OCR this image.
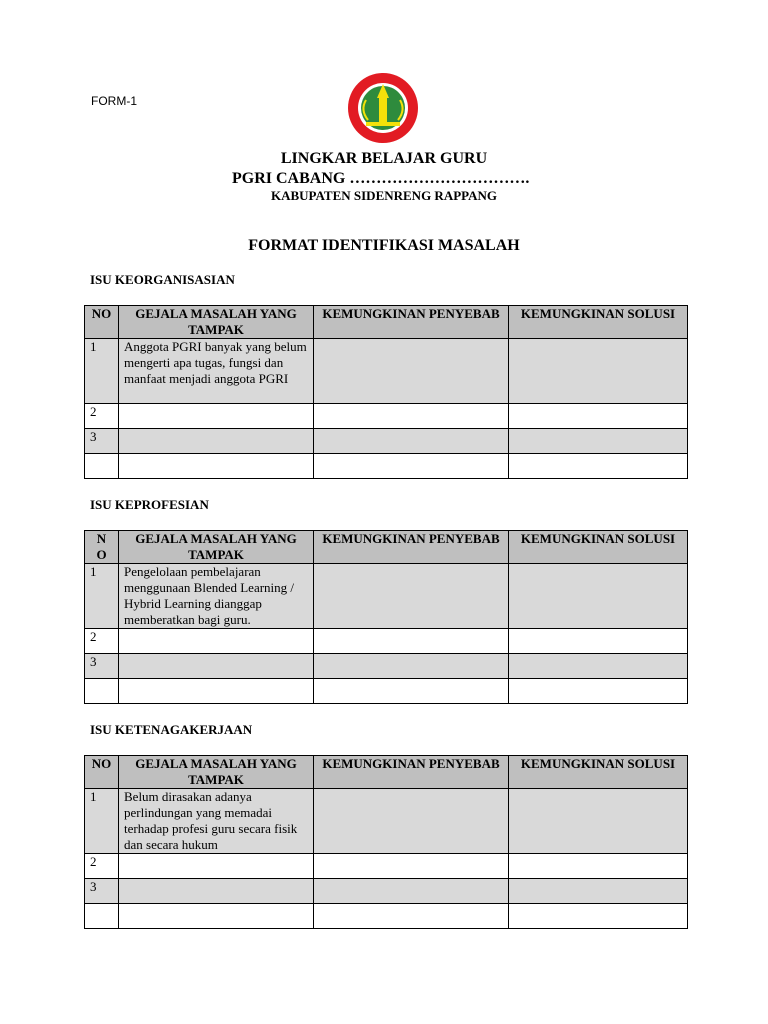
FORM-1
LINGKAR BELAJAR GURU
PGRI CABANG …………………………….
KABUPATEN SIDENRENG RAPPANG
FORMAT IDENTIFIKASI MASALAH
ISU KEORGANISASIAN
NO	GEJALA MASALAH YANG TAMPAK	KEMUNGKINAN PENYEBAB	KEMUNGKINAN SOLUSI
1	Anggota PGRI banyak yang belum mengerti apa tugas, fungsi dan manfaat menjadi anggota PGRI		
2			
3			

ISU KEPROFESIAN
N O	GEJALA MASALAH YANG TAMPAK	KEMUNGKINAN PENYEBAB	KEMUNGKINAN SOLUSI
1	Pengelolaan pembelajaran menggunaan Blended Learning / Hybrid Learning dianggap memberatkan bagi guru.		
2			
3			

ISU KETENAGAKERJAAN
NO	GEJALA MASALAH YANG TAMPAK	KEMUNGKINAN PENYEBAB	KEMUNGKINAN SOLUSI
1	Belum dirasakan adanya perlindungan yang memadai terhadap profesi guru secara fisik dan secara hukum		
2			
3			
